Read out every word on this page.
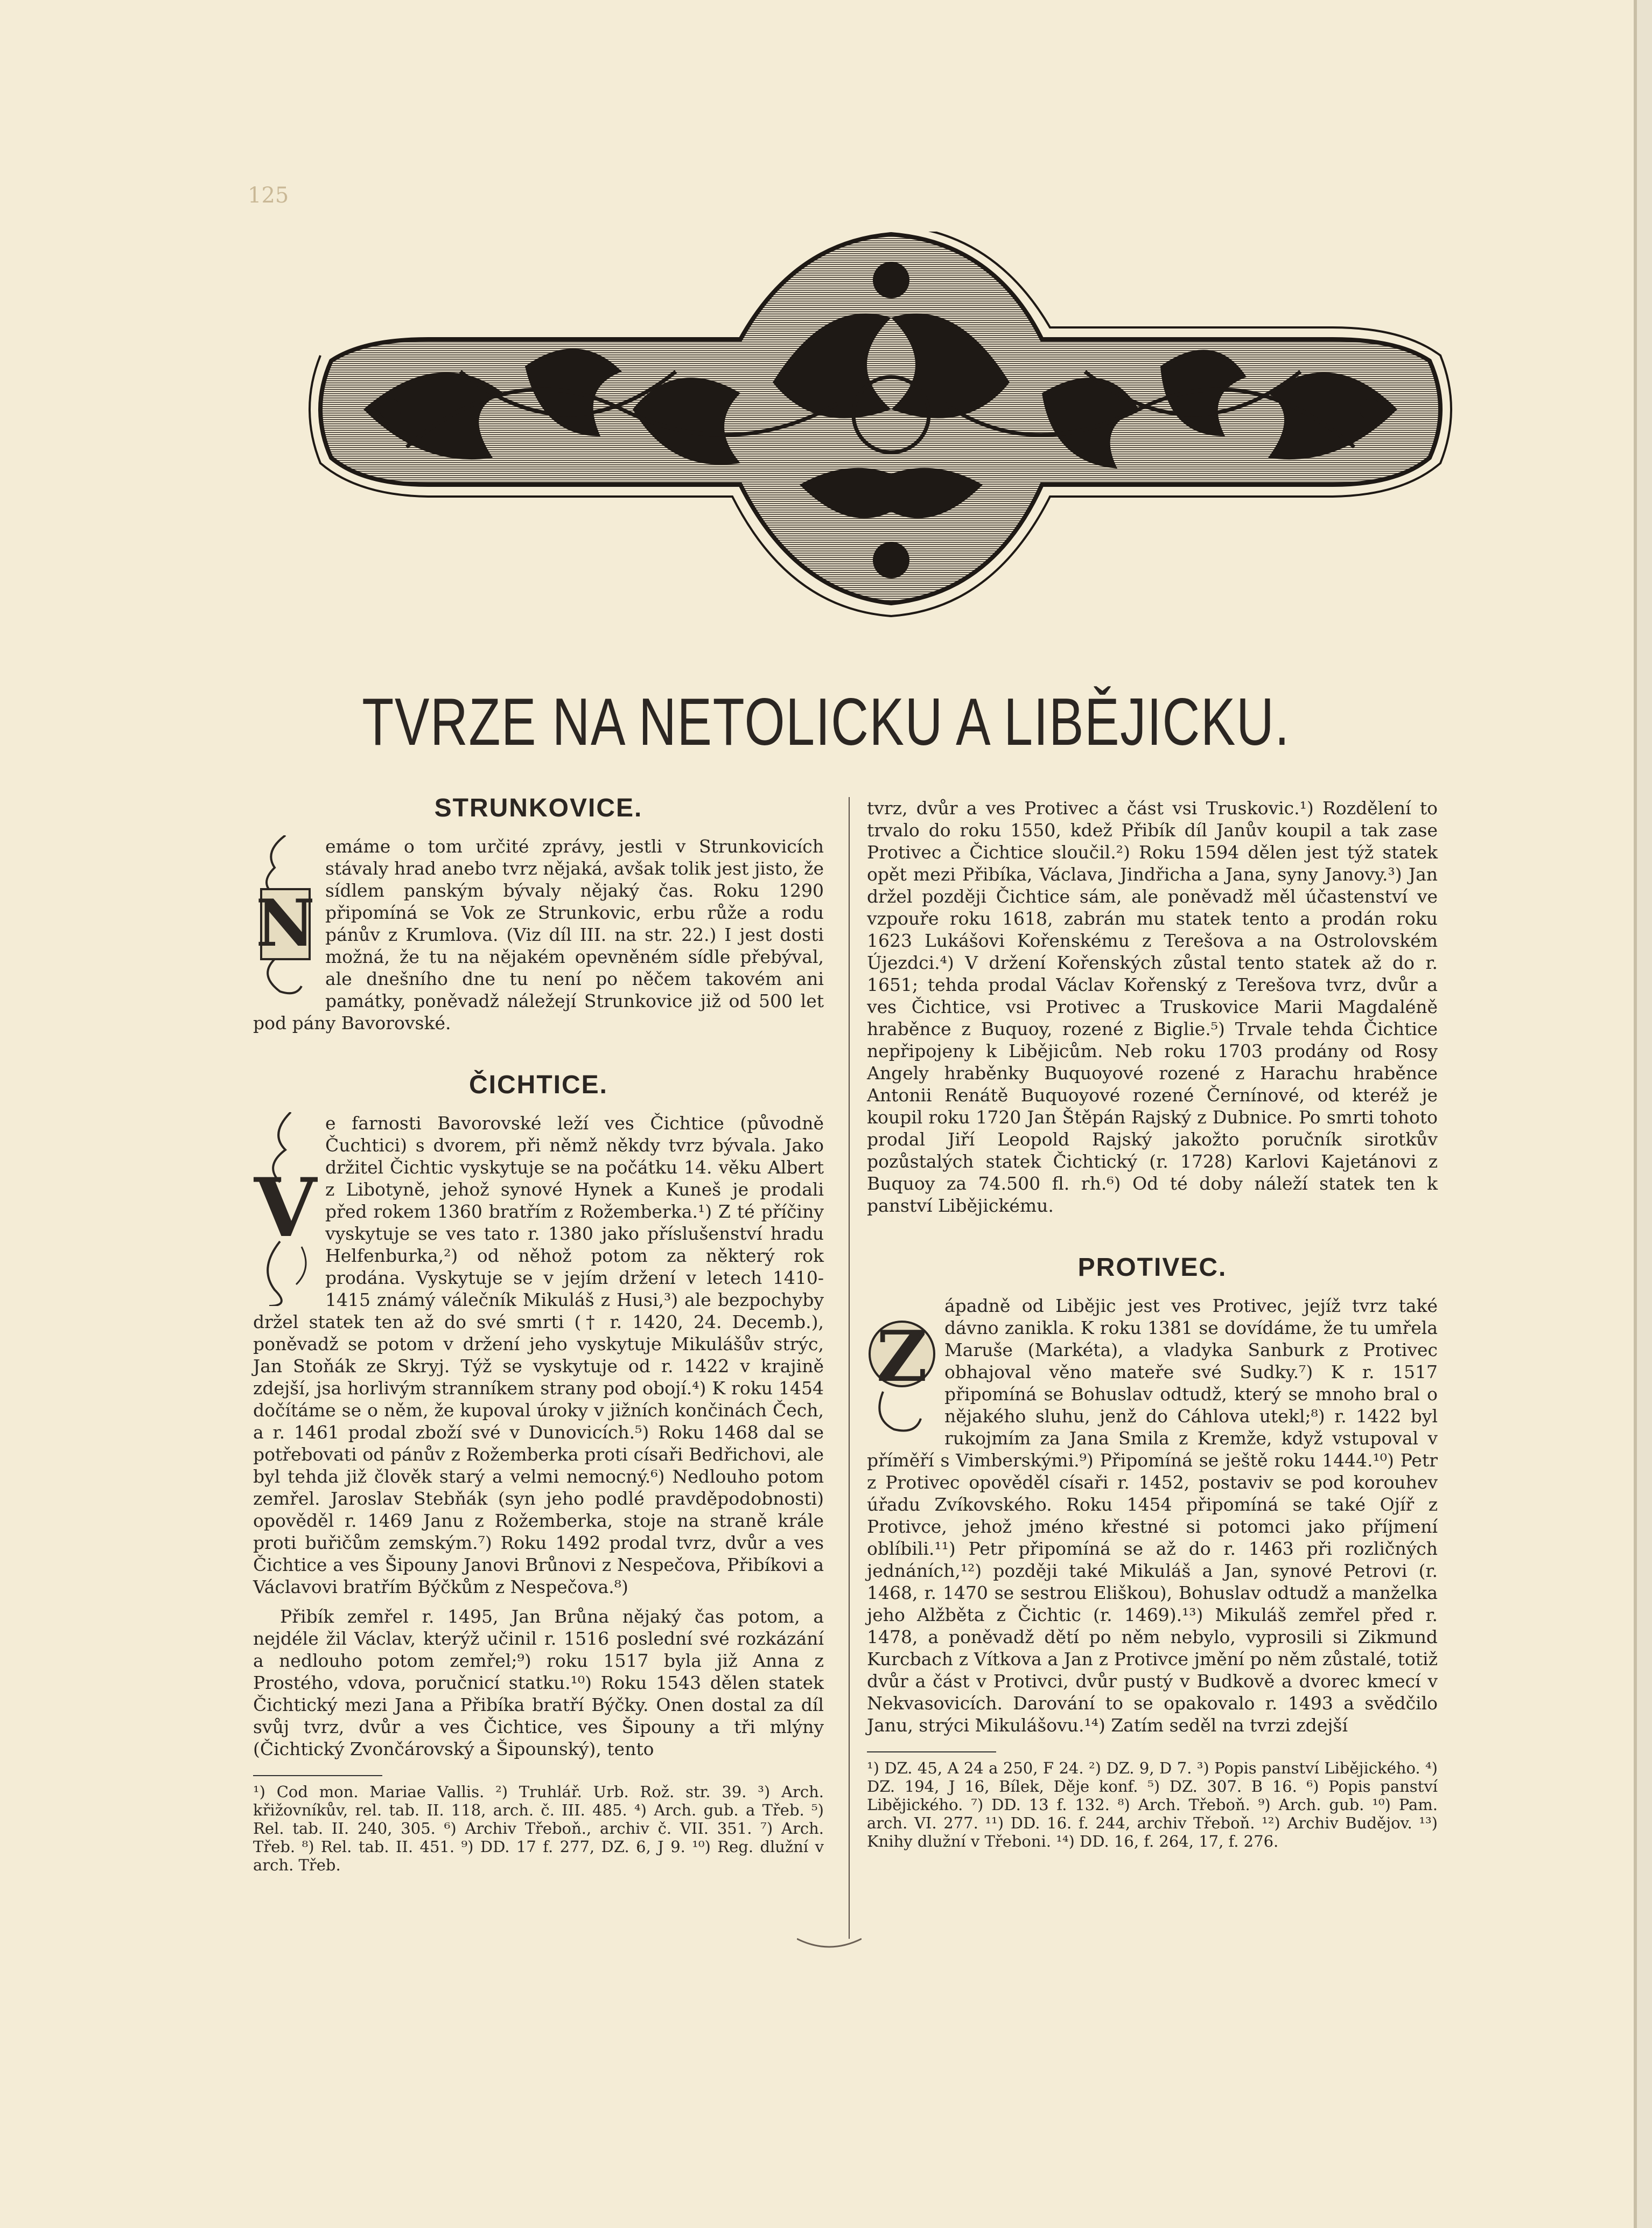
125
TVRZE NA NETOLICKU A LIBĚJICKU.
STRUNKOVICE.
N

emáme o tom určité zprávy, jestli v Strunkovicích stávaly hrad anebo tvrz nějaká, avšak tolik jest jisto, že sídlem panským bývaly nějaký čas. Roku 1290 připomíná se Vok ze Strunkovic, erbu růže a rodu pánův z Krumlova. (Viz díl III. na str. 22.) I jest dosti možná, že tu na nějakém opevněném sídle přebýval, ale dnešního dne tu není po něčem takovém ani památky, poněvadž náležejí Strunkovice již od 500 let pod pány Bavorovské.

ČICHTICE.
V

e farnosti Bavorovské leží ves Čichtice (původně Čuchtici) s dvorem, při němž někdy tvrz bývala. Jako držitel Čichtic vyskytuje se na počátku 14. věku Albert z Libotyně, jehož synové Hynek a Kuneš je prodali před rokem 1360 bratřím z Rožemberka.¹) Z té příčiny vyskytuje se ves tato r. 1380 jako příslušenství hradu Helfenburka,²) od něhož potom za některý rok prodána. Vyskytuje se v jejím držení v letech 1410-1415 známý válečník Mikuláš z Husi,³) ale bezpochyby držel statek ten až do své smrti († r. 1420, 24. Decemb.), poněvadž se potom v držení jeho vyskytuje Mikulášův strýc, Jan Stoňák ze Skryj. Týž se vyskytuje od r. 1422 v krajině zdejší, jsa horlivým stranníkem strany pod obojí.⁴) K roku 1454 dočítáme se o něm, že kupoval úroky v jižních končinách Čech, a r. 1461 prodal zboží své v Dunovicích.⁵) Roku 1468 dal se potřebovati od pánův z Rožemberka proti císaři Bedřichovi, ale byl tehda již člověk starý a velmi nemocný.⁶) Nedlouho potom zemřel. Jaroslav Stebňák (syn jeho podlé pravděpodobnosti) opověděl r. 1469 Janu z Rožemberka, stoje na straně krále proti buřičům zemským.⁷) Roku 1492 prodal tvrz, dvůr a ves Čichtice a ves Šipouny Janovi Brůnovi z Nespečova, Přibíkovi a Václavovi bratřím Býčkům z Nespečova.⁸)

Přibík zemřel r. 1495, Jan Brůna nějaký čas potom, a nejdéle žil Václav, kterýž učinil r. 1516 poslední své rozkázání a nedlouho potom zemřel;⁹) roku 1517 byla již Anna z Prostého, vdova, poručnicí statku.¹⁰) Roku 1543 dělen statek Čichtický mezi Jana a Přibíka bratří Býčky. Onen dostal za díl svůj tvrz, dvůr a ves Čichtice, ves Šipouny a tři mlýny (Čichtický Zvončárovský a Šipounský), tento

¹) Cod mon. Mariae Vallis. ²) Truhlář. Urb. Rož. str. 39. ³) Arch. křižovníkův, rel. tab. II. 118, arch. č. III. 485. ⁴) Arch. gub. a Třeb. ⁵) Rel. tab. II. 240, 305. ⁶) Archiv Třeboň., archiv č. VII. 351. ⁷) Arch. Třeb. ⁸) Rel. tab. II. 451. ⁹) DD. 17 f. 277, DZ. 6, J 9. ¹⁰) Reg. dlužní v arch. Třeb.

tvrz, dvůr a ves Protivec a část vsi Truskovic.¹) Rozdělení to trvalo do roku 1550, kdež Přibík díl Janův koupil a tak zase Protivec a Čichtice sloučil.²) Roku 1594 dělen jest týž statek opět mezi Přibíka, Václava, Jindřicha a Jana, syny Janovy.³) Jan držel později Čichtice sám, ale poněvadž měl účastenství ve vzpouře roku 1618, zabrán mu statek tento a prodán roku 1623 Lukášovi Kořenskému z Terešova a na Ostrolovském Újezdci.⁴) V držení Kořenských zůstal tento statek až do r. 1651; tehda prodal Václav Kořenský z Terešova tvrz, dvůr a ves Čichtice, vsi Protivec a Truskovice Marii Magdaléně hraběnce z Buquoy, rozené z Biglie.⁵) Trvale tehda Čichtice nepřipojeny k Libějicům. Neb roku 1703 prodány od Rosy Angely hraběnky Buquoyové rozené z Harachu hraběnce Antonii Renátě Buquoyové rozené Černínové, od kteréž je koupil roku 1720 Jan Štěpán Rajský z Dubnice. Po smrti tohoto prodal Jiří Leopold Rajský jakožto poručník sirotkův pozůstalých statek Čichtický (r. 1728) Karlovi Kajetánovi z Buquoy za 74.500 fl. rh.⁶) Od té doby náleží statek ten k panství Libějickému.

PROTIVEC.
Z

ápadně od Libějic jest ves Protivec, jejíž tvrz také dávno zanikla. K roku 1381 se dovídáme, že tu umřela Maruše (Markéta), a vladyka Sanburk z Protivec obhajoval věno mateře své Sudky.⁷) K r. 1517 připomíná se Bohuslav odtudž, který se mnoho bral o nějakého sluhu, jenž do Cáhlova utekl;⁸) r. 1422 byl rukojmím za Jana Smila z Kremže, když vstupoval v příměří s Vimberskými.⁹) Připomíná se ještě roku 1444.¹⁰) Petr z Protivec opověděl císaři r. 1452, postaviv se pod korouhev úřadu Zvíkovského. Roku 1454 připomíná se také Ojíř z Protivce, jehož jméno křestné si potomci jako příjmení oblíbili.¹¹) Petr připomíná se až do r. 1463 při rozličných jednáních,¹²) později také Mikuláš a Jan, synové Petrovi (r. 1468, r. 1470 se sestrou Eliškou), Bohuslav odtudž a manželka jeho Alžběta z Čichtic (r. 1469).¹³) Mikuláš zemřel před r. 1478, a poněvadž dětí po něm nebylo, vyprosili si Zikmund Kurcbach z Vítkova a Jan z Protivce jmění po něm zůstalé, totiž dvůr a část v Protivci, dvůr pustý v Budkově a dvorec kmecí v Nekvasovicích. Darování to se opakovalo r. 1493 a svědčilo Janu, strýci Mikulášovu.¹⁴) Zatím seděl na tvrzi zdejší

¹) DZ. 45, A 24 a 250, F 24. ²) DZ. 9, D 7. ³) Popis panství Libějického. ⁴) DZ. 194, J 16, Bílek, Děje konf. ⁵) DZ. 307. B 16. ⁶) Popis panství Libějického. ⁷) DD. 13 f. 132. ⁸) Arch. Třeboň. ⁹) Arch. gub. ¹⁰) Pam. arch. VI. 277. ¹¹) DD. 16. f. 244, archiv Třeboň. ¹²) Archiv Budějov. ¹³) Knihy dlužní v Třeboni. ¹⁴) DD. 16, f. 264, 17, f. 276.
